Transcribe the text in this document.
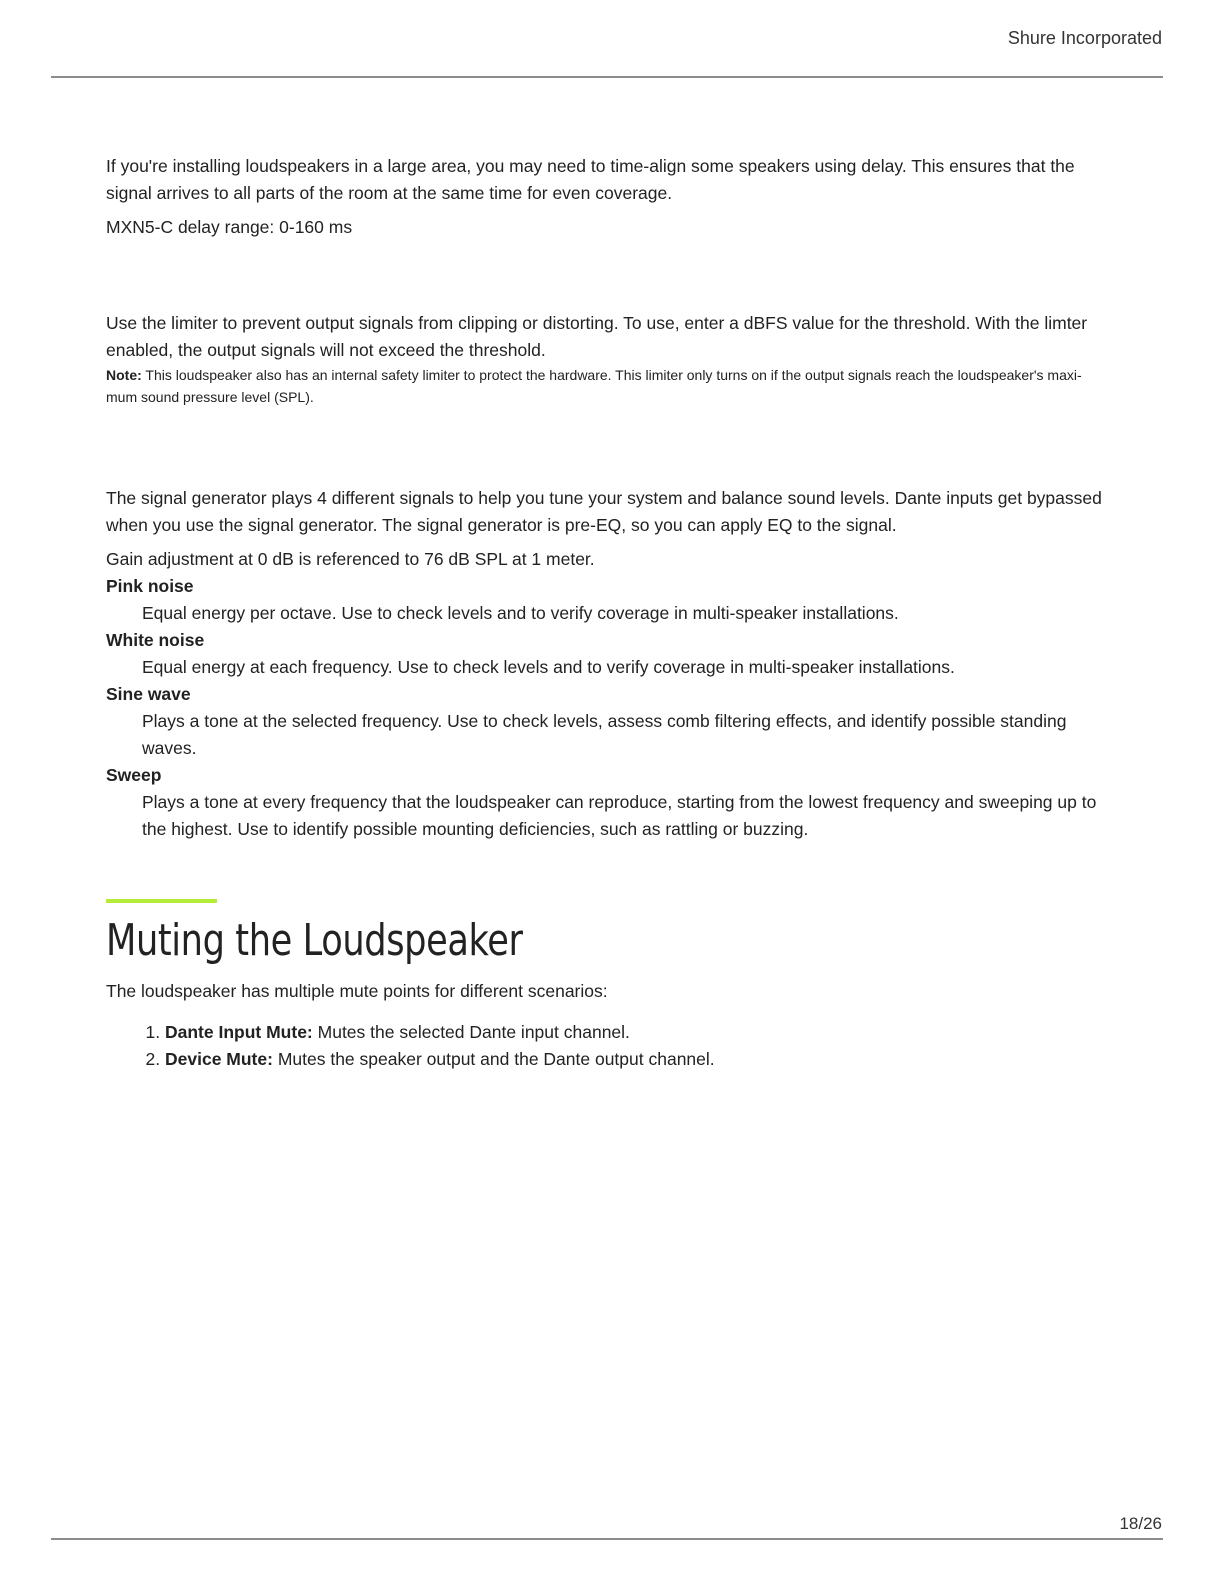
Shure Incorporated

If you're installing loudspeakers in a large area, you may need to time-align some speakers using delay. This ensures that the signal arrives to all parts of the room at the same time for even coverage.

MXN5-C delay range: 0-160 ms

Use the limiter to prevent output signals from clipping or distorting. To use, enter a dBFS value for the threshold. With the limter enabled, the output signals will not exceed the threshold.

Note: This loudspeaker also has an internal safety limiter to protect the hardware. This limiter only turns on if the output signals reach the loudspeaker's maximum sound pressure level (SPL).

The signal generator plays 4 different signals to help you tune your system and balance sound levels. Dante inputs get bypassed when you use the signal generator. The signal generator is pre-EQ, so you can apply EQ to the signal.

Gain adjustment at 0 dB is referenced to 76 dB SPL at 1 meter.

Pink noise

Equal energy per octave. Use to check levels and to verify coverage in multi-speaker installations.

White noise

Equal energy at each frequency. Use to check levels and to verify coverage in multi-speaker installations.

Sine wave

Plays a tone at the selected frequency. Use to check levels, assess comb filtering effects, and identify possible standing waves.

Sweep

Plays a tone at every frequency that the loudspeaker can reproduce, starting from the lowest frequency and sweeping up to the highest. Use to identify possible mounting deficiencies, such as rattling or buzzing.

Muting the Loudspeaker

The loudspeaker has multiple mute points for different scenarios:

1. Dante Input Mute: Mutes the selected Dante input channel.
2. Device Mute: Mutes the speaker output and the Dante output channel.
18/26
